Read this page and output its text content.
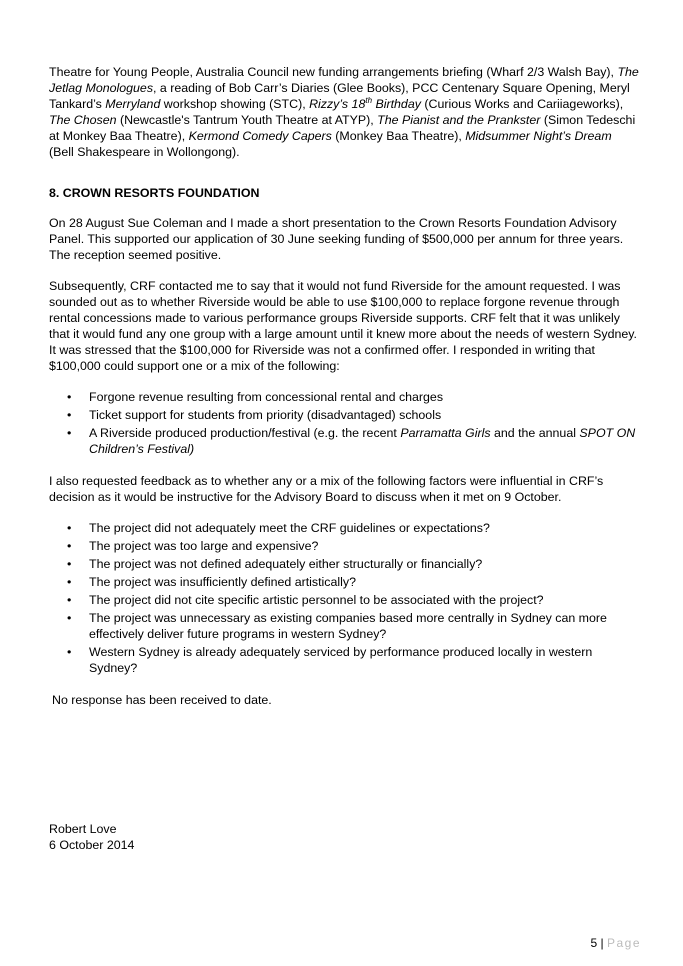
Theatre for Young People, Australia Council new funding arrangements briefing (Wharf 2/3 Walsh Bay), The Jetlag Monologues, a reading of Bob Carr’s Diaries (Glee Books), PCC Centenary Square Opening, Meryl Tankard’s Merryland workshop showing (STC), Rizzy’s 18th Birthday (Curious Works and Cariiageworks), The Chosen (Newcastle's Tantrum Youth Theatre at ATYP), The Pianist and the Prankster (Simon Tedeschi at Monkey Baa Theatre), Kermond Comedy Capers (Monkey Baa Theatre), Midsummer Night’s Dream (Bell Shakespeare in Wollongong).

8. CROWN RESORTS FOUNDATION

On 28 August Sue Coleman and I made a short presentation to the Crown Resorts Foundation Advisory Panel. This supported our application of 30 June seeking funding of $500,000 per annum for three years. The reception seemed positive.

Subsequently, CRF contacted me to say that it would not fund Riverside for the amount requested. I was sounded out as to whether Riverside would be able to use $100,000 to replace forgone revenue through rental concessions made to various performance groups Riverside supports. CRF felt that it was unlikely that it would fund any one group with a large amount until it knew more about the needs of western Sydney. It was stressed that the $100,000 for Riverside was not a confirmed offer. I responded in writing that $100,000 could support one or a mix of the following:

• Forgone revenue resulting from concessional rental and charges
• Ticket support for students from priority (disadvantaged) schools
• A Riverside produced production/festival (e.g. the recent Parramatta Girls and the annual SPOT ON Children’s Festival)

I also requested feedback as to whether any or a mix of the following factors were influential in CRF’s decision as it would be instructive for the Advisory Board to discuss when it met on 9 October.

• The project did not adequately meet the CRF guidelines or expectations?
• The project was too large and expensive?
• The project was not defined adequately either structurally or financially?
• The project was insufficiently defined artistically?
• The project did not cite specific artistic personnel to be associated with the project?
• The project was unnecessary as existing companies based more centrally in Sydney can more effectively deliver future programs in western Sydney?
• Western Sydney is already adequately serviced by performance produced locally in western Sydney?

No response has been received to date.

Robert Love
6 October 2014
5 | Page
